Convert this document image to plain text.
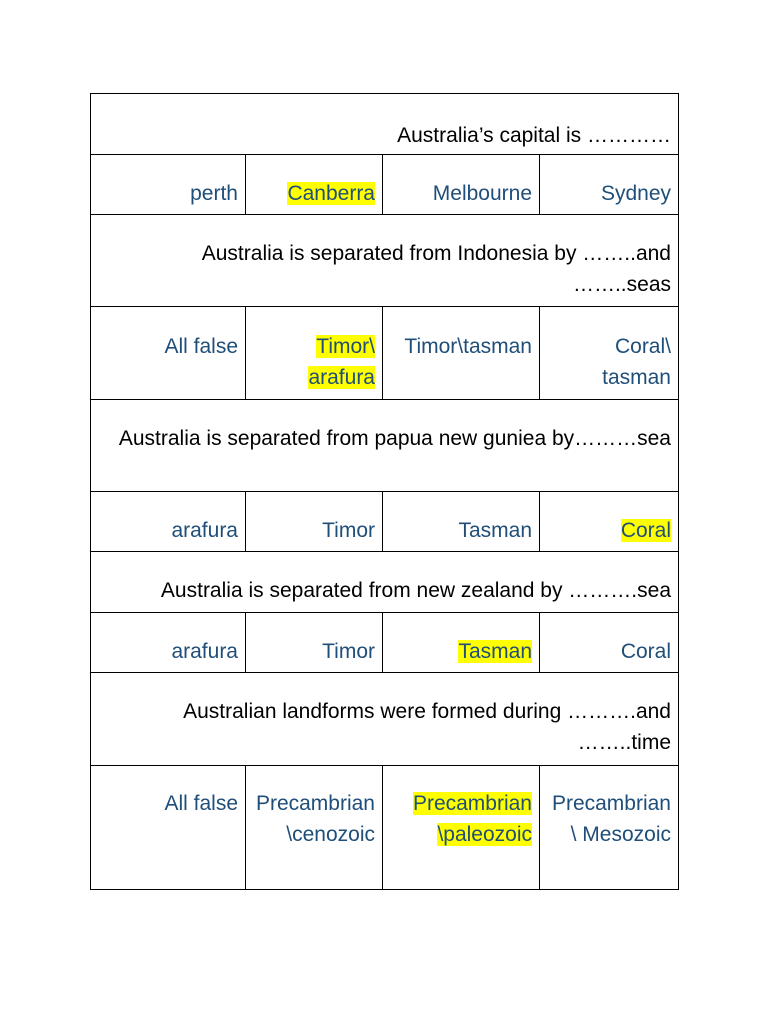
Australia’s capital is …………			
perth	Canberra	Melbourne	Sydney
Australia is separated from Indonesia by ……..and ……..seas			
All false	Timor\ arafura	Timor\tasman	Coral\ tasman
Australia is separated from papua new guniea by………sea			
arafura	Timor	Tasman	Coral
Australia is separated from new zealand by ……….sea			
arafura	Timor	Tasman	Coral
Australian landforms were formed during ……….and ……..time			
All false	Precambrian \cenozoic	Precambrian \paleozoic	Precambrian \ Mesozoic
